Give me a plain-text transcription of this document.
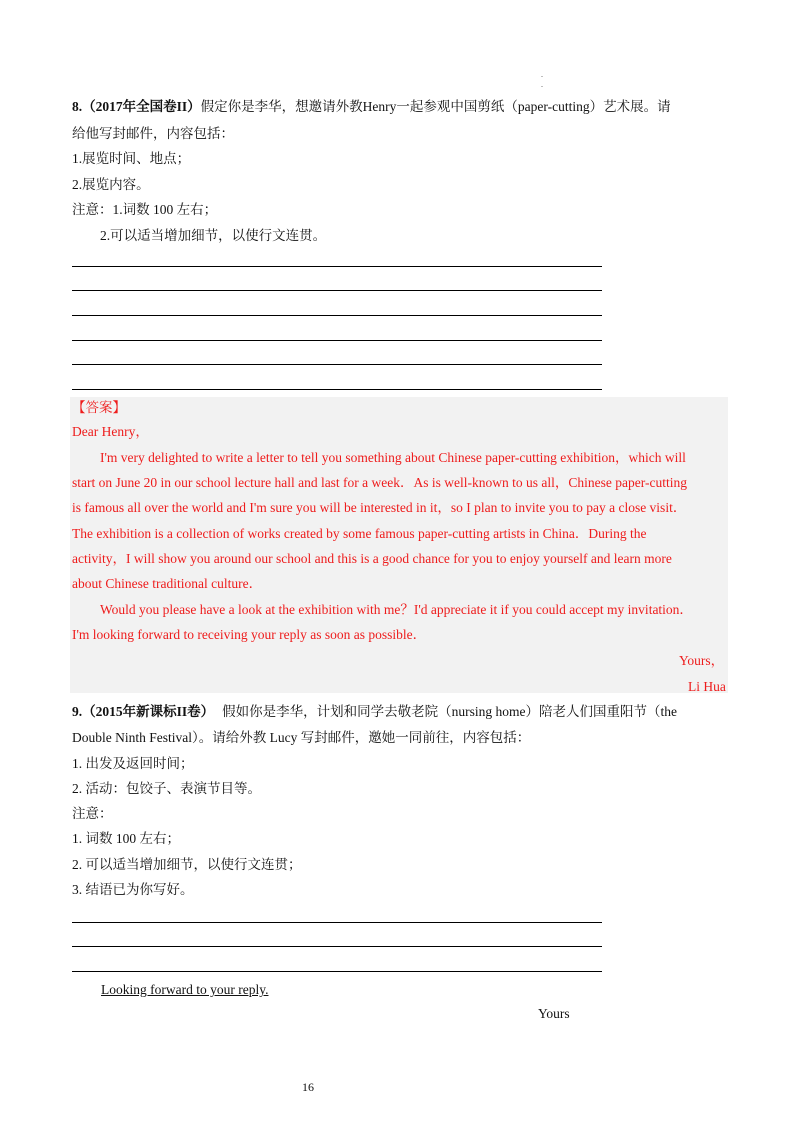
.
.
8.（2017年全国卷II）假定你是李华，想邀请外教Henry一起参观中国剪纸（paper-cutting）艺术展。请
给他写封邮件，内容包括：
1.展览时间、地点；
2.展览内容。
注意：1.词数 100 左右；
2.可以适当增加细节，以使行文连贯。
【答案】
Dear Henry，
I'm very delighted to write a letter to tell you something about Chinese paper-cutting exhibition，which will
start on June 20 in our school lecture hall and last for a week．As is well-known to us all，Chinese paper-cutting
is famous all over the world and I'm sure you will be interested in it，so I plan to invite you to pay a close visit．
The exhibition is a collection of works created by some famous paper-cutting artists in China．During the
activity，I will show you around our school and this is a good chance for you to enjoy yourself and learn more
about Chinese traditional culture．
Would you please have a look at the exhibition with me？I'd appreciate it if you could accept my invitation．
I'm looking forward to receiving your reply as soon as possible．
Yours，
Li Hua
9.（2015年新课标II卷） 假如你是李华，计划和同学去敬老院（nursing home）陪老人们国重阳节（the
Double Ninth Festival）。请给外教 Lucy 写封邮件，邀她一同前往，内容包括：
1. 出发及返回时间；
2. 活动：包饺子、表演节目等。
注意：
1. 词数 100 左右；
2. 可以适当增加细节，以使行文连贯；
3. 结语已为你写好。
Looking forward to your reply.
Yours
16
